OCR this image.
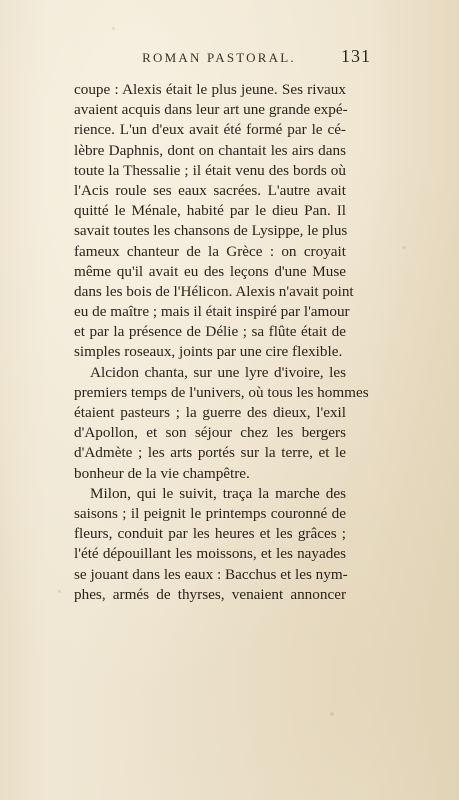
ROMAN PASTORAL.	131
coupe : Alexis était le plus jeune. Ses rivaux
avaient acquis dans leur art une grande expé-
rience. L'un d'eux avait été formé par le cé-
lèbre Daphnis, dont on chantait les airs dans
toute la Thessalie ; il était venu des bords où
l'Acis roule ses eaux sacrées. L'autre avait
quitté le Ménale, habité par le dieu Pan. Il
savait toutes les chansons de Lysippe, le plus
fameux chanteur de la Grèce : on croyait
même qu'il avait eu des leçons d'une Muse
dans les bois de l'Hélicon. Alexis n'avait point
eu de maître ; mais il était inspiré par l'amour
et par la présence de Délie ; sa flûte était de
simples roseaux, joints par une cire flexible.
Alcidon chanta, sur une lyre d'ivoire, les
premiers temps de l'univers, où tous les hommes
étaient pasteurs ; la guerre des dieux, l'exil
d'Apollon, et son séjour chez les bergers
d'Admète ; les arts portés sur la terre, et le
bonheur de la vie champêtre.
Milon, qui le suivit, traça la marche des
saisons ; il peignit le printemps couronné de
fleurs, conduit par les heures et les grâces ;
l'été dépouillant les moissons, et les nayades
se jouant dans les eaux : Bacchus et les nym-
phes, armés de thyrses, venaient annoncer
